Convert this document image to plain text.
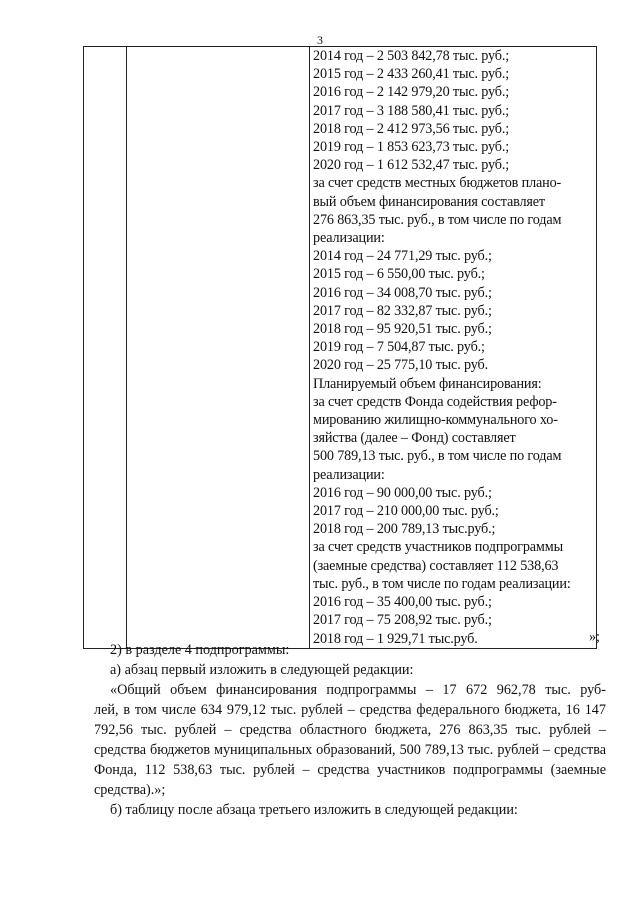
3

2014 год – 2 503 842,78 тыс. руб.;
2015 год – 2 433 260,41 тыс. руб.;
2016 год – 2 142 979,20 тыс. руб.;
2017 год – 3 188 580,41 тыс. руб.;
2018 год – 2 412 973,56 тыс. руб.;
2019 год – 1 853 623,73 тыс. руб.;
2020 год – 1 612 532,47 тыс. руб.;
за счет средств местных бюджетов плано-
вый объем финансирования составляет
276 863,35 тыс. руб., в том числе по годам
реализации:
2014 год – 24 771,29 тыс. руб.;
2015 год – 6 550,00 тыс. руб.;
2016 год – 34 008,70 тыс. руб.;
2017 год – 82 332,87 тыс. руб.;
2018 год – 95 920,51 тыс. руб.;
2019 год – 7 504,87 тыс. руб.;
2020 год – 25 775,10 тыс. руб.
Планируемый объем финансирования:
за счет средств Фонда содействия рефор-
мированию жилищно-коммунального хо-
зяйства (далее – Фонд) составляет
500 789,13 тыс. руб., в том числе по годам
реализации:
2016 год – 90 000,00 тыс. руб.;
2017 год – 210 000,00 тыс. руб.;
2018 год – 200 789,13 тыс.руб.;
за счет средств участников подпрограммы
(заемные средства) составляет 112 538,63
тыс. руб., в том числе по годам реализации:
2016 год – 35 400,00 тыс. руб.;
2017 год – 75 208,92 тыс. руб.;
2018 год – 1 929,71 тыс.руб.	»;

2) в разделе 4 подпрограммы:

а) абзац первый изложить в следующей редакции:

«Общий объем финансирования подпрограммы – 17 672 962,78 тыс. руб-

лей, в том числе 634 979,12 тыс. рублей – средства федерального бюджета, 16 147 792,56 тыс. рублей – средства областного бюджета, 276 863,35 тыс. рублей – средства бюджетов муниципальных образований, 500 789,13 тыс. рублей – средства Фонда, 112 538,63 тыс. рублей – средства участников подпрограммы (заемные средства).»;

б) таблицу после абзаца третьего изложить в следующей редакции:
